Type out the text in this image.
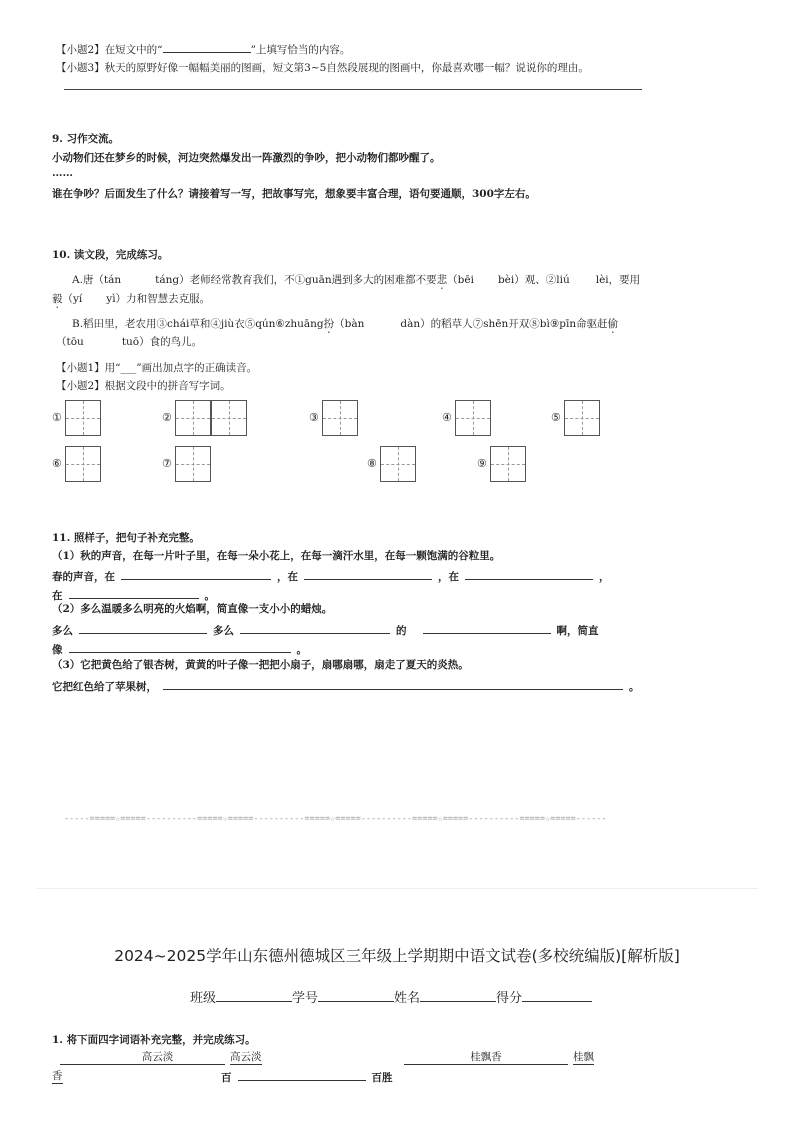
【小题2】在短文中的“	”上填写恰当的内容。
【小题3】秋天的原野好像一幅幅美丽的图画，短文第3~5自然段展现的图画中，你最喜欢哪一幅？说说你的理由。
9. 习作交流。
小动物们还在梦乡的时候，河边突然爆发出一阵激烈的争吵，把小动物们都吵醒了。
……
谁在争吵？后面发生了什么？请接着写一写，把故事写完，想象要丰富合理，语句要通顺，300字左右。
10. 读文段，完成练习。
A.唐（tán	táng）老师经常教育我们，不①guān遇到多大的困难都不要悲（bēi bèi）观、②liú lèi，要用
毅（yí yì）力和智慧去克服。
B.稻田里，老农用③chái草和④jiù衣⑤qún⑥zhuāng扮（bàn	dàn）的稻草人⑦shēn开双⑧bì⑨pīn命驱赶偷
（tōu	tuō）食的鸟儿。
【小题1】用“___”画出加点字的正确读音。
【小题2】根据文段中的拼音写字词。
①	②	③	④	⑤
⑥	⑦	⑧	⑨
11. 照样子，把句子补充完整。
（1）秋的声音，在每一片叶子里，在每一朵小花上，在每一滴汗水里，在每一颗饱满的谷粒里。
春的声音，在	，在	，在	，
在	。
（2）多么温暖多么明亮的火焰啊，简直像一支小小的蜡烛。
多么	多么	的	啊，简直
像	。
（3）它把黄色给了银杏树，黄黄的叶子像一把把小扇子，扇哪扇哪，扇走了夏天的炎热。
它把红色给了苹果树，	。
-----=====☆=====----------=====☆=====----------=====☆=====----------=====☆=====----------=====☆=====------
2024~2025学年山东德州德城区三年级上学期期中语文试卷(多校统编版)[解析版]
班级	学号	姓名	得分
1. 将下面四字词语补充完整，并完成练习。
高云淡	高云淡	桂飘香	桂飘
香	百	百胜
